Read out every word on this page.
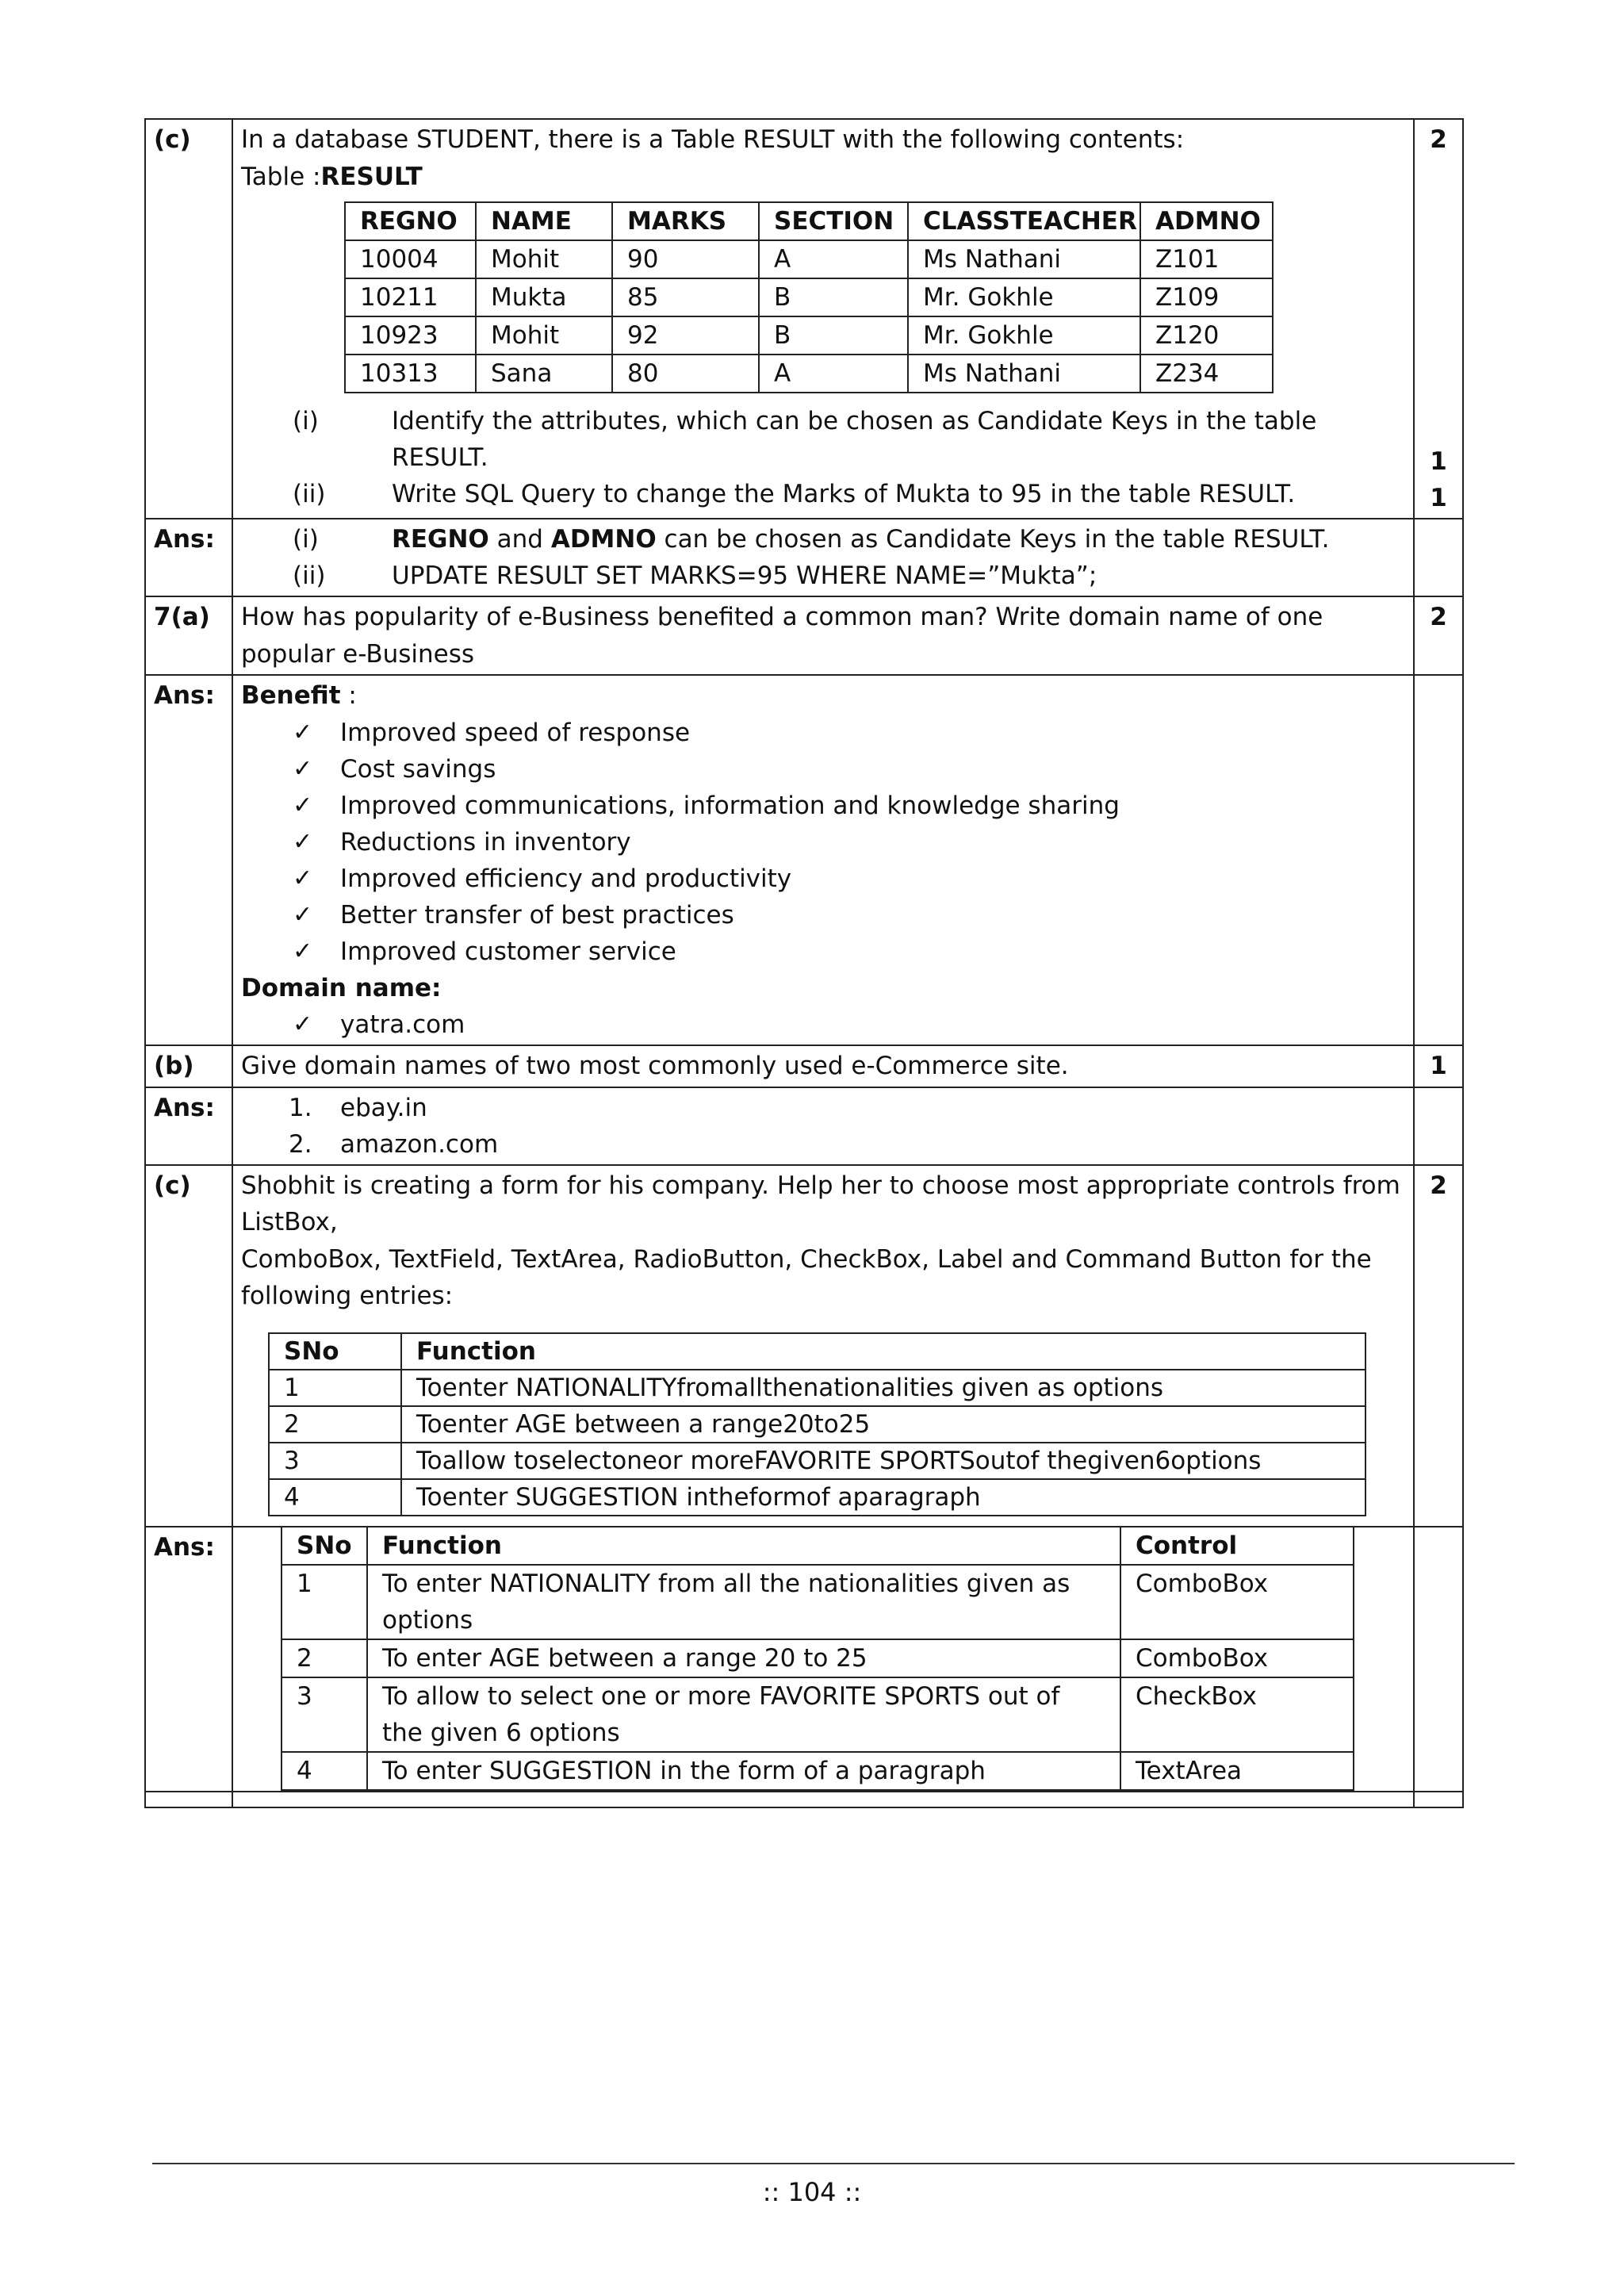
(c)	In a database STUDENT, there is a Table RESULT with the following contents:
Table :RESULT
REGNO	NAME	MARKS	SECTION	CLASSTEACHER	ADMNO
10004	Mohit	90	A	Ms Nathani	Z101
10211	Mukta	85	B	Mr. Gokhle	Z109
10923	Mohit	92	B	Mr. Gokhle	Z120
10313	Sana	80	A	Ms Nathani	Z234
(i)	Identify the attributes, which can be chosen as Candidate Keys in the table RESULT.
(ii)	Write SQL Query to change the Marks of Mukta to 95 in the table RESULT.

2
1
1

Ans:	(i)	REGNO and ADMNO can be chosen as Candidate Keys in the table RESULT.
(ii)	UPDATE RESULT SET MARKS=95 WHERE NAME=”Mukta”;

7(a)	How has popularity of e-Business benefited a common man? Write domain name of one popular e-Business	
2

Ans:	Benefit :
✓	Improved speed of response
✓	Cost savings
✓	Improved communications, information and knowledge sharing
✓	Reductions in inventory
✓	Improved efficiency and productivity
✓	Better transfer of best practices
✓	Improved customer service
Domain name:
✓	yatra.com

(b)	Give domain names of two most commonly used e-Commerce site.	1

Ans:	1.	ebay.in
2.	amazon.com

(c)	Shobhit is creating a form for his company. Help her to choose most appropriate controls from ListBox,
ComboBox, TextField, TextArea, RadioButton, CheckBox, Label and Command Button for the following entries:
SNo	Function
1	Toenter NATIONALITYfromallthenationalities given as options
2	Toenter AGE between a range20to25
3	Toallow toselectoneor moreFAVORITE SPORTSoutof thegiven6options
4	Toenter SUGGESTION intheformof aparagraph

2

Ans:		SNo	Function	Control
1	To enter NATIONALITY from all the nationalities given as options	ComboBox
2	To enter AGE between a range 20 to 25	ComboBox
3	To allow to select one or more FAVORITE SPORTS out of the given 6 options	CheckBox
4	To enter SUGGESTION in the form of a paragraph	TextArea

:: 104 ::
